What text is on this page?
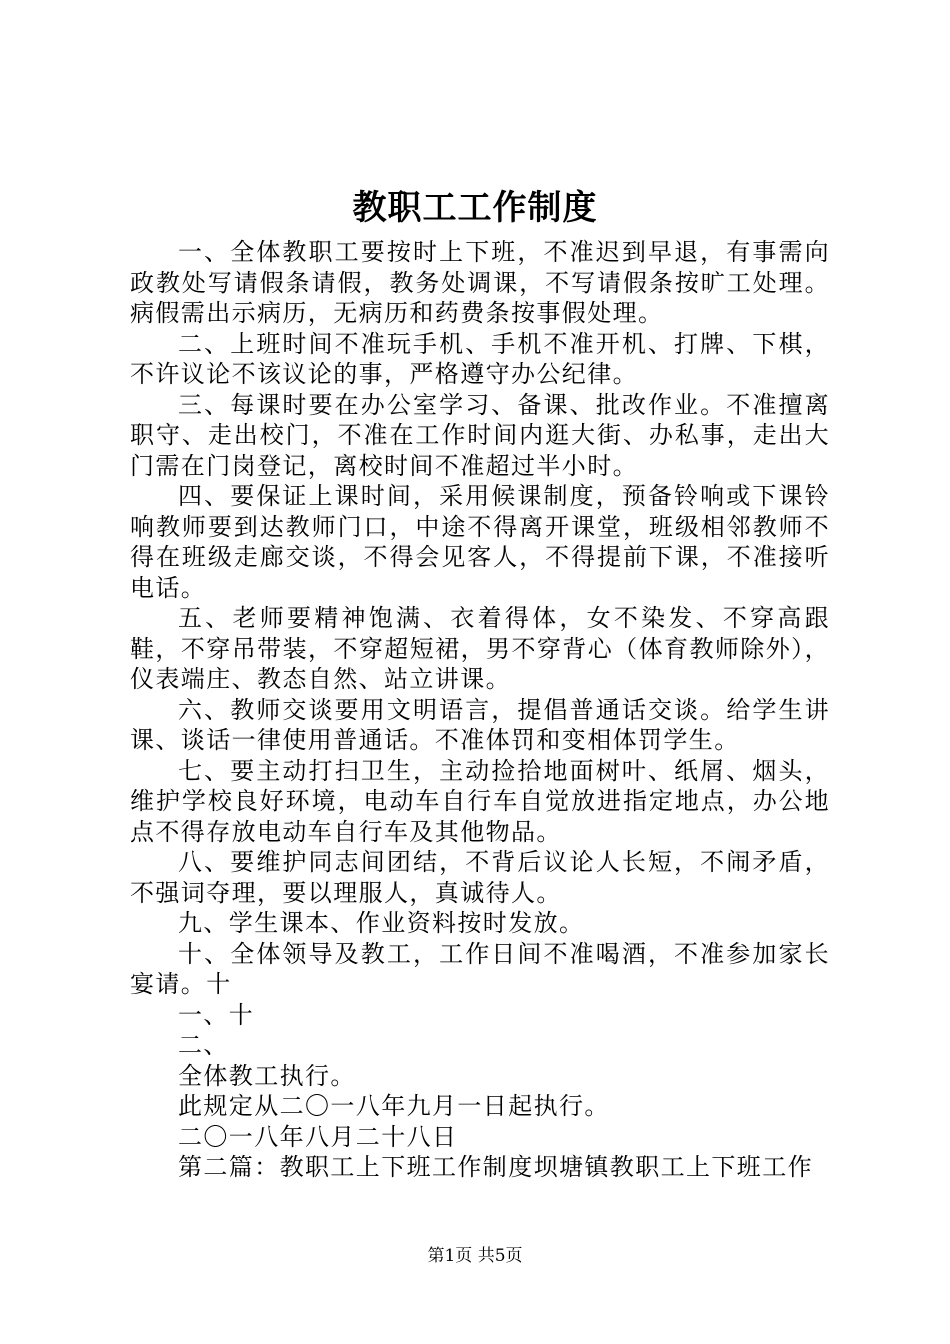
教职工工作制度

一、全体教职工要按时上下班，不准迟到早退，有事需向政教处写请假条请假，教务处调课，不写请假条按旷工处理。病假需出示病历，无病历和药费条按事假处理。

二、上班时间不准玩手机、手机不准开机、打牌、下棋，不许议论不该议论的事，严格遵守办公纪律。

三、每课时要在办公室学习、备课、批改作业。不准擅离职守、走出校门，不准在工作时间内逛大街、办私事，走出大门需在门岗登记，离校时间不准超过半小时。

四、要保证上课时间，采用候课制度，预备铃响或下课铃响教师要到达教师门口，中途不得离开课堂，班级相邻教师不得在班级走廊交谈，不得会见客人，不得提前下课，不准接听电话。

五、老师要精神饱满、衣着得体，女不染发、不穿高跟鞋，不穿吊带装，不穿超短裙，男不穿背心（体育教师除外），仪表端庄、教态自然、站立讲课。

六、教师交谈要用文明语言，提倡普通话交谈。给学生讲课、谈话一律使用普通话。不准体罚和变相体罚学生。

七、要主动打扫卫生，主动捡拾地面树叶、纸屑、烟头，维护学校良好环境，电动车自行车自觉放进指定地点，办公地点不得存放电动车自行车及其他物品。

八、要维护同志间团结，不背后议论人长短，不闹矛盾，不强词夺理，要以理服人，真诚待人。

九、学生课本、作业资料按时发放。

十、全体领导及教工，工作日间不准喝酒，不准参加家长宴请。十

一、十

二、

全体教工执行。

此规定从二〇一八年九月一日起执行。

二〇一八年八月二十八日

第二篇：教职工上下班工作制度坝塘镇教职工上下班工作

第1页 共5页
